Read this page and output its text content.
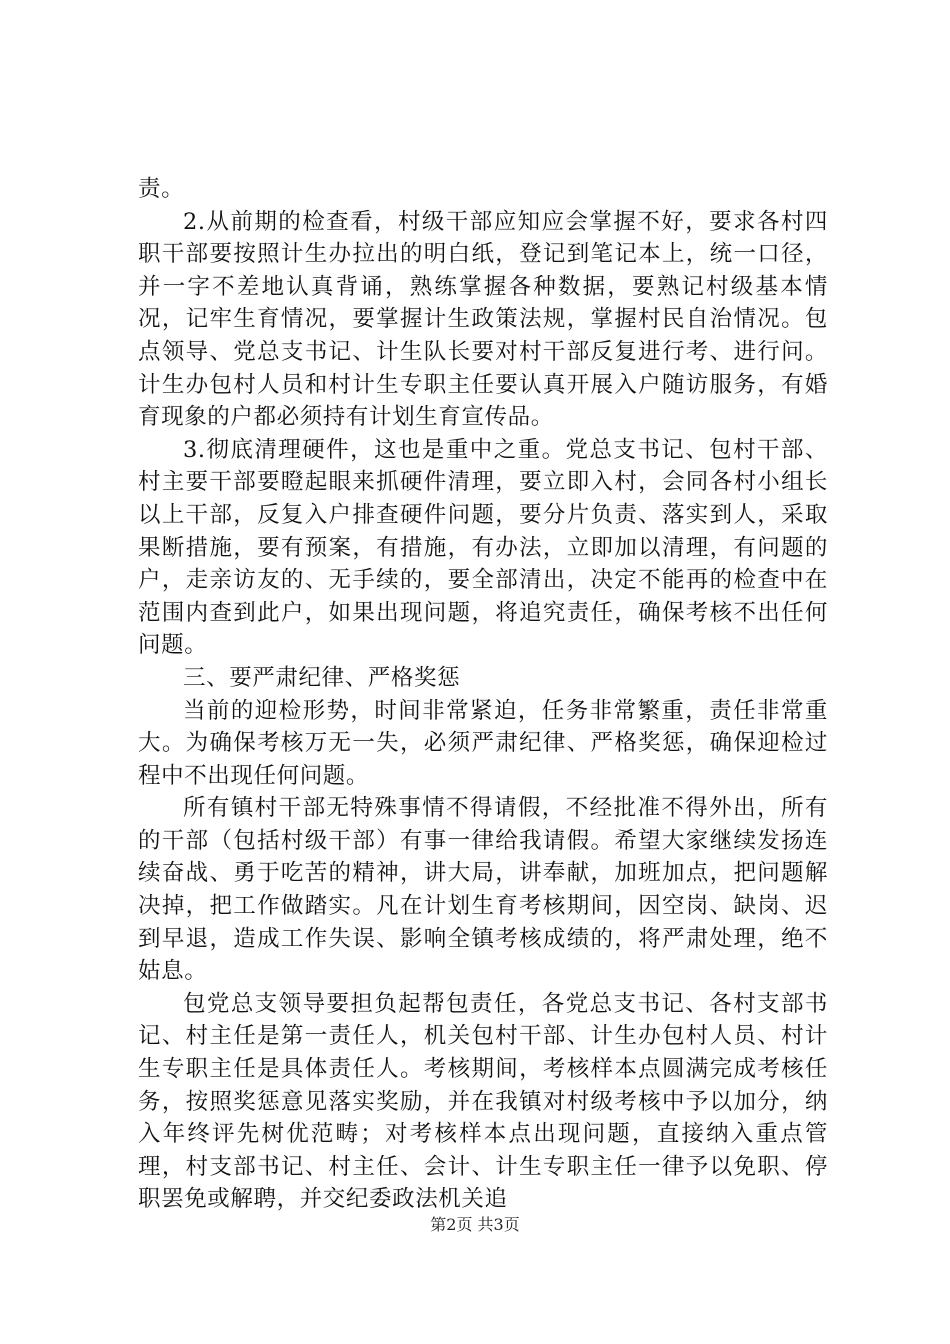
责。

2.从前期的检查看，村级干部应知应会掌握不好，要求各村四职干部要按照计生办拉出的明白纸，登记到笔记本上，统一口径，并一字不差地认真背诵，熟练掌握各种数据，要熟记村级基本情况，记牢生育情况，要掌握计生政策法规，掌握村民自治情况。包点领导、党总支书记、计生队长要对村干部反复进行考、进行问。计生办包村人员和村计生专职主任要认真开展入户随访服务，有婚育现象的户都必须持有计划生育宣传品。

3.彻底清理硬件，这也是重中之重。党总支书记、包村干部、村主要干部要瞪起眼来抓硬件清理，要立即入村，会同各村小组长以上干部，反复入户排查硬件问题，要分片负责、落实到人，采取果断措施，要有预案，有措施，有办法，立即加以清理，有问题的户，走亲访友的、无手续的，要全部清出，决定不能再的检查中在范围内查到此户，如果出现问题，将追究责任，确保考核不出任何问题。

三、要严肃纪律、严格奖惩

当前的迎检形势，时间非常紧迫，任务非常繁重，责任非常重大。为确保考核万无一失，必须严肃纪律、严格奖惩，确保迎检过程中不出现任何问题。

所有镇村干部无特殊事情不得请假，不经批准不得外出，所有的干部（包括村级干部）有事一律给我请假。希望大家继续发扬连续奋战、勇于吃苦的精神，讲大局，讲奉献，加班加点，把问题解决掉，把工作做踏实。凡在计划生育考核期间，因空岗、缺岗、迟到早退，造成工作失误、影响全镇考核成绩的，将严肃处理，绝不姑息。

包党总支领导要担负起帮包责任，各党总支书记、各村支部书记、村主任是第一责任人，机关包村干部、计生办包村人员、村计生专职主任是具体责任人。考核期间，考核样本点圆满完成考核任务，按照奖惩意见落实奖励，并在我镇对村级考核中予以加分，纳入年终评先树优范畴；对考核样本点出现问题，直接纳入重点管理，村支部书记、村主任、会计、计生专职主任一律予以免职、停职罢免或解聘，并交纪委政法机关追

第2页 共3页
